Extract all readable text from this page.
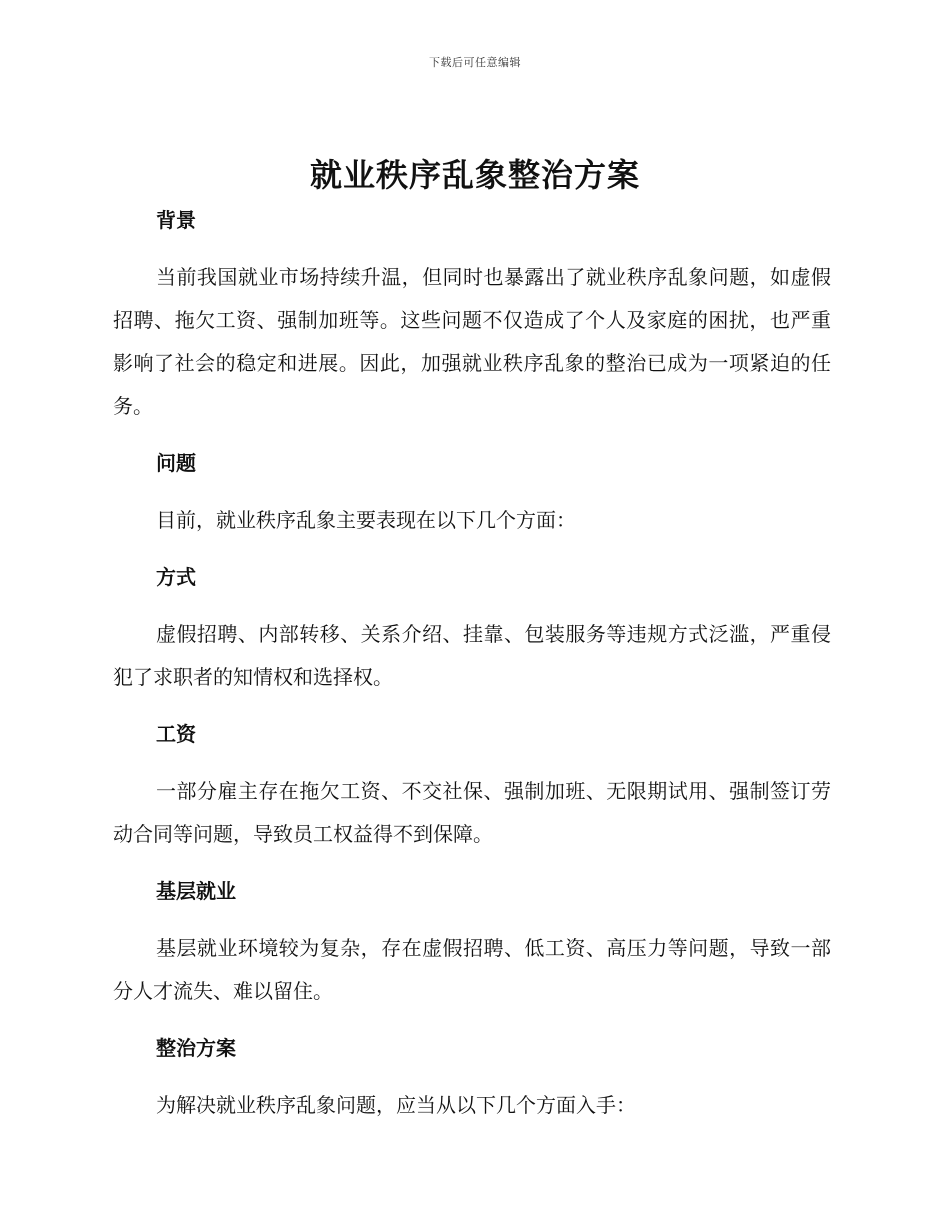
下载后可任意编辑
就业秩序乱象整治方案
背景

当前我国就业市场持续升温，但同时也暴露出了就业秩序乱象问题，如虚假招聘、拖欠工资、强制加班等。这些问题不仅造成了个人及家庭的困扰，也严重影响了社会的稳定和进展。因此，加强就业秩序乱象的整治已成为一项紧迫的任务。

问题

目前，就业秩序乱象主要表现在以下几个方面：

方式

虚假招聘、内部转移、关系介绍、挂靠、包装服务等违规方式泛滥，严重侵犯了求职者的知情权和选择权。

工资

一部分雇主存在拖欠工资、不交社保、强制加班、无限期试用、强制签订劳动合同等问题，导致员工权益得不到保障。

基层就业

基层就业环境较为复杂，存在虚假招聘、低工资、高压力等问题，导致一部分人才流失、难以留住。

整治方案

为解决就业秩序乱象问题，应当从以下几个方面入手：
